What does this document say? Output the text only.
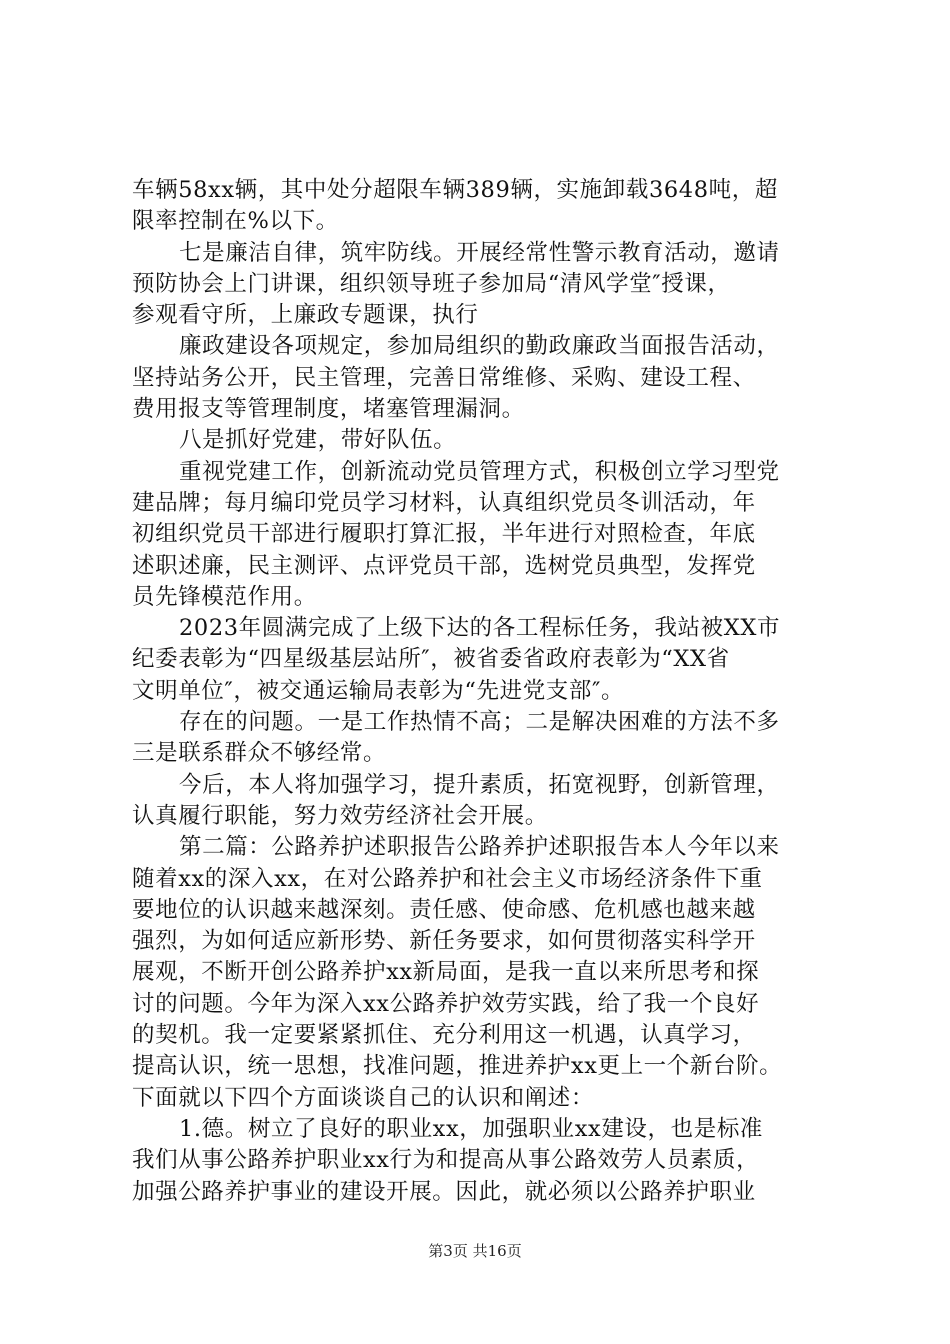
车辆58xx辆，其中处分超限车辆389辆，实施卸载3648吨，超
限率控制在%以下。
七是廉洁自律，筑牢防线。开展经常性警示教育活动，邀请
预防协会上门讲课，组织领导班子参加局“清风学堂″授课，
参观看守所，上廉政专题课，执行
廉政建设各项规定，参加局组织的勤政廉政当面报告活动，
坚持站务公开，民主管理，完善日常维修、采购、建设工程、
费用报支等管理制度，堵塞管理漏洞。
八是抓好党建，带好队伍。
重视党建工作，创新流动党员管理方式，积极创立学习型党
建品牌；每月编印党员学习材料，认真组织党员冬训活动，年
初组织党员干部进行履职打算汇报，半年进行对照检查，年底
述职述廉，民主测评、点评党员干部，选树党员典型，发挥党
员先锋模范作用。
2023年圆满完成了上级下达的各工程标任务，我站被XX市
纪委表彰为“四星级基层站所″，被省委省政府表彰为“XX省
文明单位″，被交通运输局表彰为“先进党支部″。
存在的问题。一是工作热情不高；二是解决困难的方法不多
三是联系群众不够经常。
今后，本人将加强学习，提升素质，拓宽视野，创新管理，
认真履行职能，努力效劳经济社会开展。
第二篇：公路养护述职报告公路养护述职报告本人今年以来
随着xx的深入xx，在对公路养护和社会主义市场经济条件下重
要地位的认识越来越深刻。责任感、使命感、危机感也越来越
强烈，为如何适应新形势、新任务要求，如何贯彻落实科学开
展观，不断开创公路养护xx新局面，是我一直以来所思考和探
讨的问题。今年为深入xx公路养护效劳实践，给了我一个良好
的契机。我一定要紧紧抓住、充分利用这一机遇，认真学习，
提高认识，统一思想，找准问题，推进养护xx更上一个新台阶。
下面就以下四个方面谈谈自己的认识和阐述：
1.德。树立了良好的职业xx，加强职业xx建设，也是标准
我们从事公路养护职业xx行为和提高从事公路效劳人员素质，
加强公路养护事业的建设开展。因此，就必须以公路养护职业
第3页 共16页
